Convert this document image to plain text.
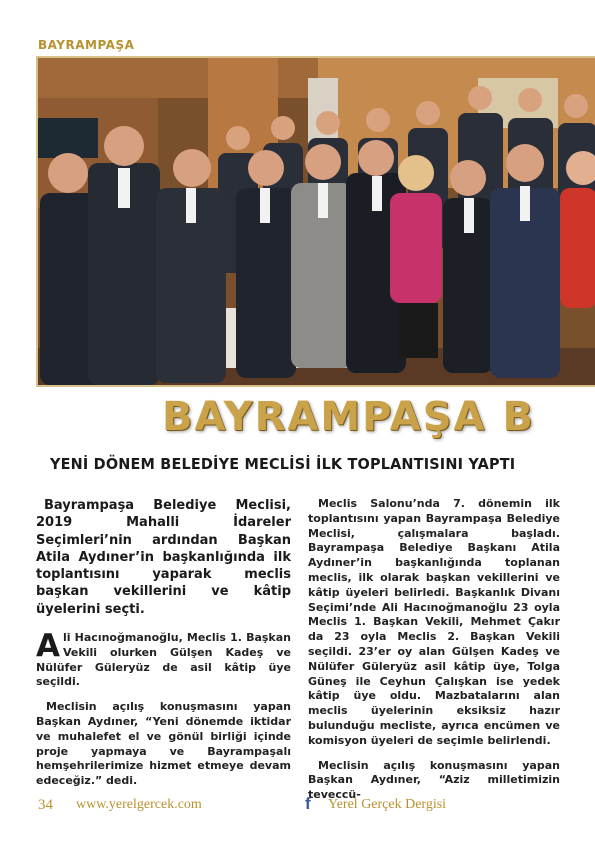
BAYRAMPAŞA
BAYRAMPAŞA B
YENİ DÖNEM BELEDİYE MECLİSİ İLK TOPLANTISINI YAPTI

Bayrampaşa Belediye Meclisi, 2019 Mahalli İdareler Seçimleri’nin ardından Başkan Atila Aydıner’in başkanlığında ilk toplantısını yaparak meclis başkan vekillerini ve kâtip üyelerini seçti.

Ali Hacınoğmanoğlu, Meclis 1. Başkan Vekili olurken Gülşen Kadeş ve Nülüfer Güleryüz de asil kâtip üye seçildi.

Meclisin açılış konuşmasını yapan Başkan Aydıner, “Yeni dönemde iktidar ve muhalefet el ve gönül birliği içinde proje yapmaya ve Bayrampaşalı hemşehrilerimize hizmet etmeye devam edeceğiz.” dedi.

Meclis Salonu’nda 7. dönemin ilk toplantısını yapan Bayrampaşa Belediye Meclisi, çalışmalara başladı. Bayrampaşa Belediye Başkanı Atila Aydıner’in başkanlığında toplanan meclis, ilk olarak başkan vekillerini ve kâtip üyeleri belirledi. Başkanlık Divanı Seçimi’nde Ali Hacınoğmanoğlu 23 oyla Meclis 1. Başkan Vekili, Mehmet Çakır da 23 oyla Meclis 2. Başkan Vekili seçildi. 23’er oy alan Gülşen Kadeş ve Nülüfer Güleryüz asil kâtip üye, Tolga Güneş ile Ceyhun Çalışkan ise yedek kâtip üye oldu. Mazbatalarını alan meclis üyelerinin eksiksiz hazır bulunduğu mecliste, ayrıca encümen ve komisyon üyeleri de seçimle belirlendi.

Meclisin açılış konuşmasını yapan Başkan Aydıner, “Aziz milletimizin teveccü-

34 www.yerelgercek.com	f Yerel Gerçek Dergisi
